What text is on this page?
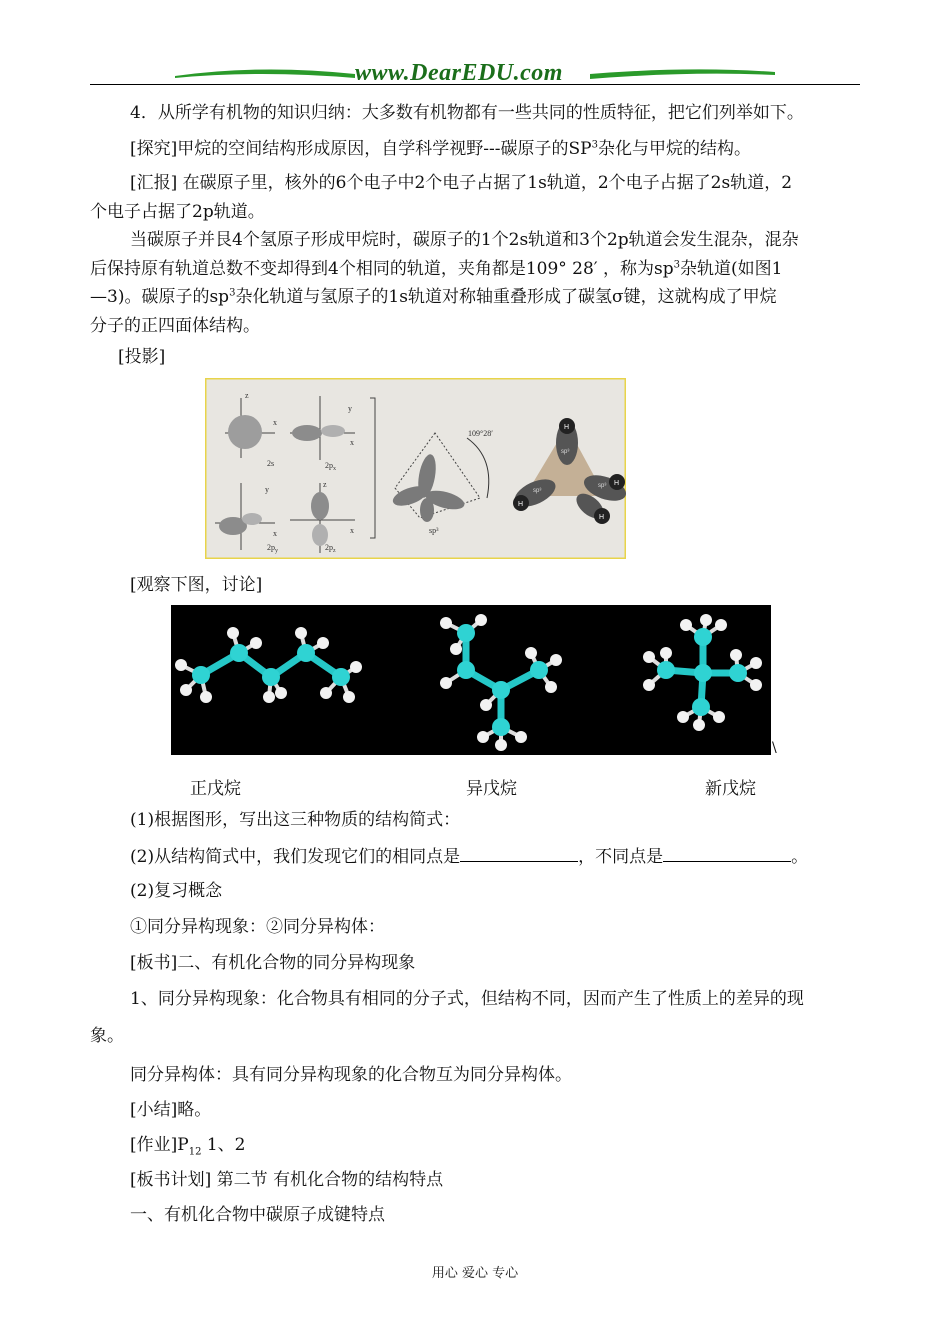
www.DearEDU.com
4．从所学有机物的知识归纳：大多数有机物都有一些共同的性质特征，把它们列举如下。
[探究]甲烷的空间结构形成原因，自学科学视野---碳原子的$SP^3$杂化与甲烷的结构。
[汇报] 在碳原子里，核外的6个电子中2个电子占据了1s轨道，2个电子占据了2s轨道，2
个电子占据了2p轨道。
当碳原子并艮4个氢原子形成甲烷时，碳原子的1个2s轨道和3个2p轨道会发生混杂，混杂
后保持原有轨道总数不变却得到4个相同的轨道，夹角都是109° 28′ ，称为$sp^3$杂轨道(如图1
—3)。碳原子的$sp^3$杂化轨道与氢原子的1s轨道对称轴重叠形成了碳氢σ键，这就构成了甲烷
分子的正四面体结构。
[投影]
x
z
x
y
x
y
x
z
2s	$2p_x$
$2p_y$	$2p_z$
sp³
109°28′
H
H
H
H
sp³
sp³
sp³
[观察下图，讨论]
\
正戊烷	异戊烷	新戊烷
(1)根据图形，写出这三种物质的结构简式：
(2)从结构简式中，我们发现它们的相同点是	，不同点是	。
(2)复习概念
①同分异构现象：②同分异构体：
[板书]二、有机化合物的同分异构现象
1、同分异构现象：化合物具有相同的分子式，但结构不同，因而产生了性质上的差异的现
象。
同分异构体：具有同分异构现象的化合物互为同分异构体。
[小结]略。
[作业]$P_{12}$ 1、2
[板书计划] 第二节 有机化合物的结构特点
一、有机化合物中碳原子成键特点
用心 爱心 专心
